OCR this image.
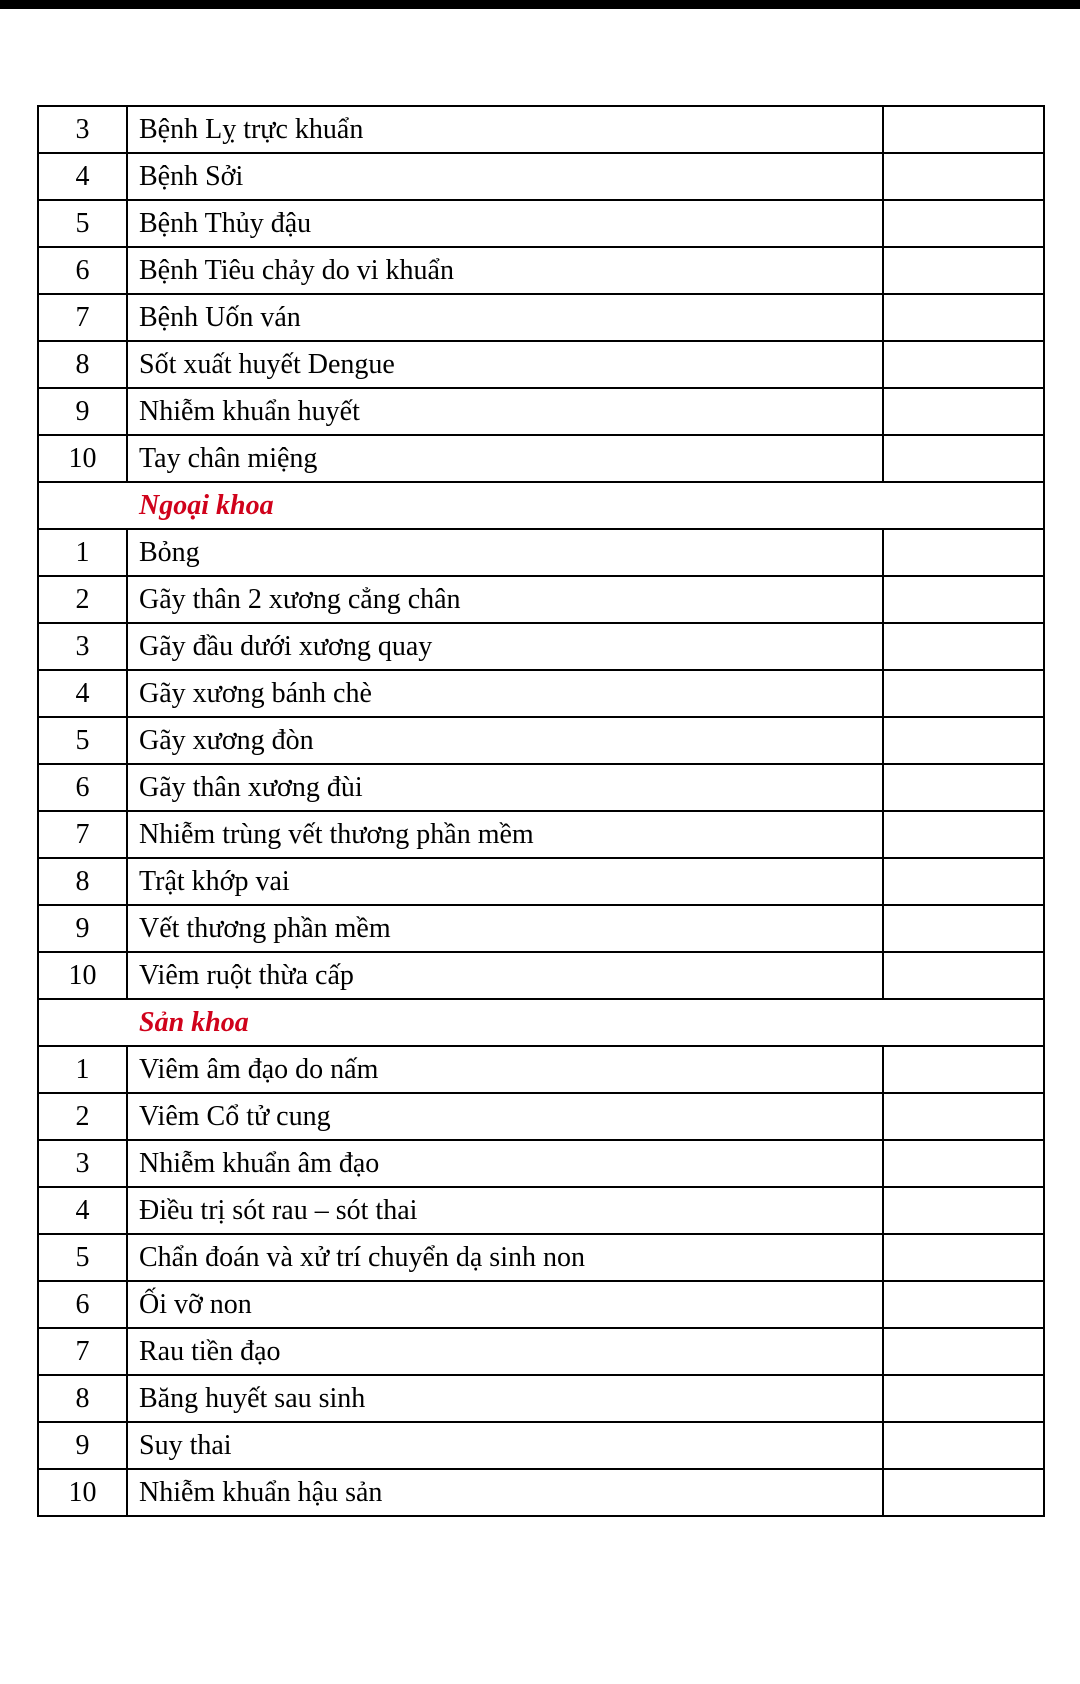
3	Bệnh Lỵ trực khuẩn	
4	Bệnh Sởi	
5	Bệnh Thủy đậu	
6	Bệnh Tiêu chảy do vi khuẩn	
7	Bệnh Uốn ván	
8	Sốt xuất huyết Dengue	
9	Nhiễm khuẩn huyết	
10	Tay chân miệng	
Ngoại khoa		
1	Bỏng	
2	Gãy thân 2 xương cẳng chân	
3	Gãy đầu dưới xương quay	
4	Gãy xương bánh chè	
5	Gãy xương đòn	
6	Gãy thân xương đùi	
7	Nhiễm trùng vết thương phần mềm	
8	Trật khớp vai	
9	Vết thương phần mềm	
10	Viêm ruột thừa cấp	
Sản khoa		
1	Viêm âm đạo do nấm	
2	Viêm Cổ tử cung	
3	Nhiễm khuẩn âm đạo	
4	Điều trị sót rau – sót thai	
5	Chẩn đoán và xử trí chuyển dạ sinh non	
6	Ối vỡ non	
7	Rau tiền đạo	
8	Băng huyết sau sinh	
9	Suy thai	
10	Nhiễm khuẩn hậu sản	
